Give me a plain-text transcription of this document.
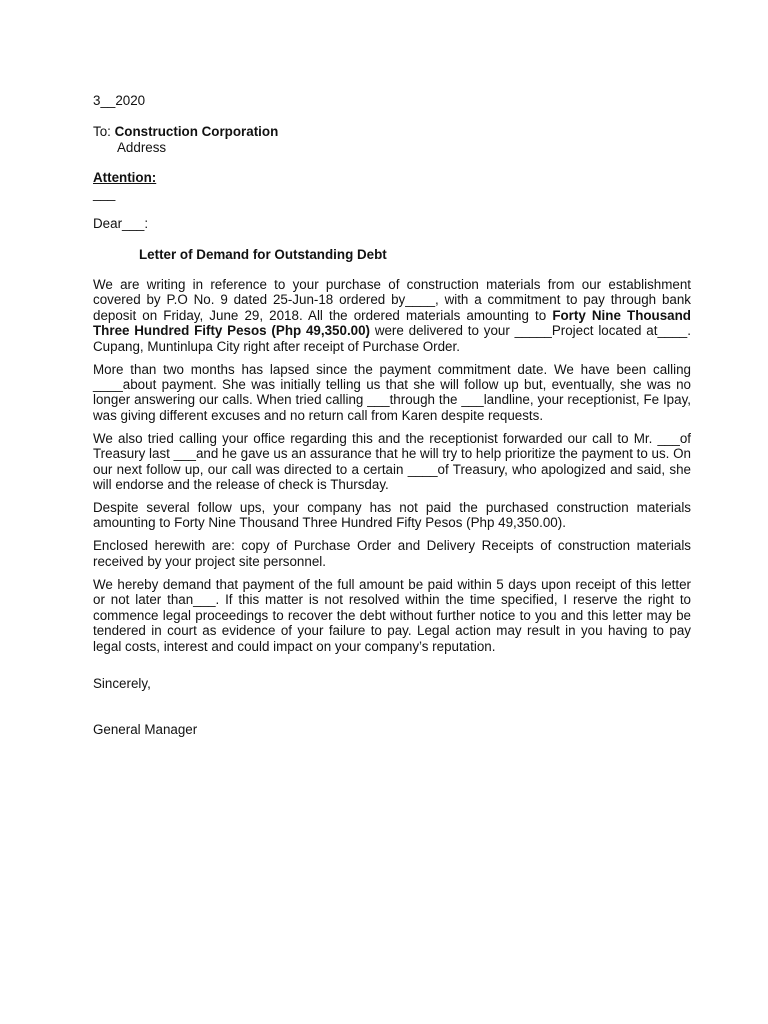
3__2020
To: Construction Corporation
Address
Attention:
___
Dear___:
Letter of Demand for Outstanding Debt

We are writing in reference to your purchase of construction materials from our establishment covered by P.O No. 9 dated 25-Jun-18 ordered by____, with a commitment to pay through bank deposit on Friday, June 29, 2018. All the ordered materials amounting to Forty Nine Thousand Three Hundred Fifty Pesos (Php 49,350.00) were delivered to your _____Project located at____. Cupang, Muntinlupa City right after receipt of Purchase Order.

More than two months has lapsed since the payment commitment date. We have been calling ____about payment. She was initially telling us that she will follow up but, eventually, she was no longer answering our calls. When tried calling ___through the ___landline, your receptionist, Fe Ipay, was giving different excuses and no return call from Karen despite requests.

We also tried calling your office regarding this and the receptionist forwarded our call to Mr. ___of Treasury last ___and he gave us an assurance that he will try to help prioritize the payment to us. On our next follow up, our call was directed to a certain ____of Treasury, who apologized and said, she will endorse and the release of check is Thursday.

Despite several follow ups, your company has not paid the purchased construction materials amounting to Forty Nine Thousand Three Hundred Fifty Pesos (Php 49,350.00).

Enclosed herewith are: copy of Purchase Order and Delivery Receipts of construction materials received by your project site personnel.

We hereby demand that payment of the full amount be paid within 5 days upon receipt of this letter or not later than___. If this matter is not resolved within the time specified, I reserve the right to commence legal proceedings to recover the debt without further notice to you and this letter may be tendered in court as evidence of your failure to pay. Legal action may result in you having to pay legal costs, interest and could impact on your company’s reputation.

Sincerely,
General Manager
